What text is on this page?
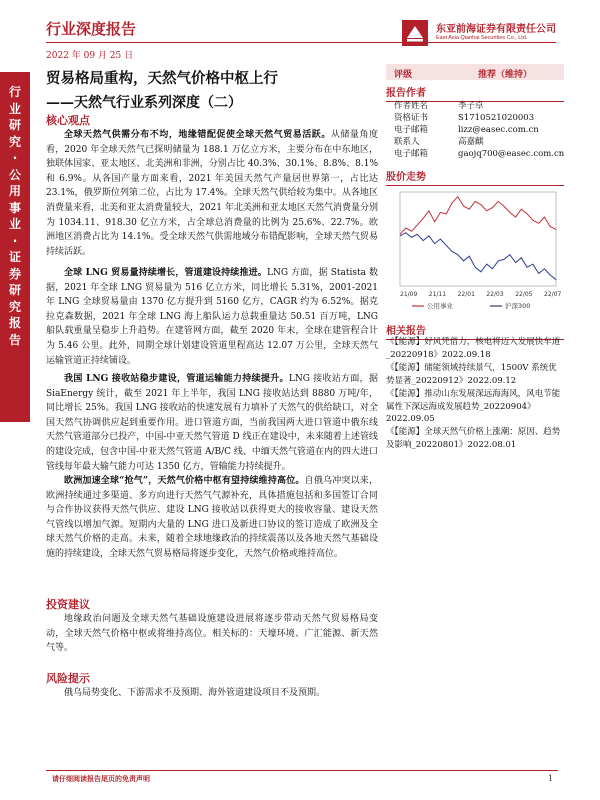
行业深度报告	东亚前海证券有限责任公司
East Asia Qianhai Securities Co., Ltd.
2022 年 09 月 25 日
行业研究·公用事业·证券研究报告
贸易格局重构，天然气价格中枢上行
——天然气行业系列深度（二）
核心观点
全球天然气供需分布不均，地缘错配促使全球天然气贸易活跃。从储量角度看，2020 年全球天然气已探明储量为 188.1 万亿立方米，主要分布在中东地区，独联体国家、亚太地区、北美洲和非洲，分别占比 40.3%、30.1%、8.8%、8.1%和 6.9%。从各国产量方面来看，2021 年美国天然气产量居世界第一，占比达 23.1%，俄罗斯位列第二位，占比为 17.4%。全球天然气供给较为集中。从各地区消费量来看，北美和亚太消费量较大，2021 年北美洲和亚太地区天然气消费量分别为 1034.11、918.30 亿立方米，占全球总消费量的比例为 25.6%、22.7%。欧洲地区消费占比为 14.1%。受全球天然气供需地域分布错配影响，全球天然气贸易持续活跃。
全球 LNG 贸易量持续增长，管道建设持续推进。LNG 方面，据 Statista 数据，2021 年全球 LNG 贸易量为 516 亿立方米，同比增长 5.31%，2001-2021 年 LNG 全球贸易量由 1370 亿方提升到 5160 亿方，CAGR 约为 6.52%。据克拉克森数据，2021 年全球 LNG 海上船队运力总载重量达 50.51 百万吨，LNG 船队载重量呈稳步上升趋势。在建管网方面，截至 2020 年末，全球在建管程合计为 5.46 公里。此外，同期全球计划建设管道里程高达 12.07 万公里，全球天然气运输管道正持续铺设。
我国 LNG 接收站稳步建设，管道运输能力持续提升。LNG 接收站方面，据 SiaEnergy 统计，截至 2021 年上半年，我国 LNG 接收站达到 8880 万吨/年，同比增长 25%。我国 LNG 接收站的快速发展有力填补了天然气的供给缺口，对全国天然气协调供应起到重要作用。进口管道方面，当前我国两大进口管道中俄东线天然气管道部分已投产，中国-中亚天然气管道 D 线正在建设中，未来随着上述管线的建设完成，包含中国-中亚天然气管道 A/B/C 线、中缅天然气管道在内的四大进口管线每年最大输气能力可达 1350 亿方，管输能力持续提升。
欧洲加速全球“抢气”，天然气价格中枢有望持续维持高位。自俄乌冲突以来，欧洲持续通过多渠道、多方向进行天然气气源补充，具体措施包括和多国签订合同与合作协议获得天然气供应、建设 LNG 接收站以获得更大的接收容量、建设天然气管线以增加气源。短期内大量的 LNG 进口及新进口协议的签订造成了欧洲及全球天然气价格的走高。未来，随着全球地缘政治的持续震荡以及各地天然气基础设施的持续建设，全球天然气贸易格局将逐步变化，天然气价格或维持高位。
投资建议
地缘政治问题及全球天然气基础设施建设进展将逐步带动天然气贸易格局变动，全球天然气价格中枢或将维持高位。相关标的：天壕环境、广汇能源、新天然气等。
风险提示
俄乌局势变化、下游需求不及预期、海外管道建设项目不及预期。
评级	推荐（维持）
报告作者
作者姓名	李子卓
资格证书	S1710521020003
电子邮箱	lizz@easec.com.cn
联系人	高嘉麒
电子邮箱	gaojq700@easec.com.cn
股价走势
21/09 21/11 22/01 22/03 22/05 22/07
公用事业	沪深300
相关报告
《【能源】好风凭借力，核电将迈入发展快车道_20220918》2022.09.18
《【能源】储能领域持续景气，1500V 系统优势显著_20220912》2022.09.12
《【能源】推动山东发展深远海海风，风电节能属性下深远海成发展趋势_20220904》2022.09.05
《【能源】全球天然气价格上涨潮：原因、趋势及影响_20220801》2022.08.01
请仔细阅读报告尾页的免责声明	1
